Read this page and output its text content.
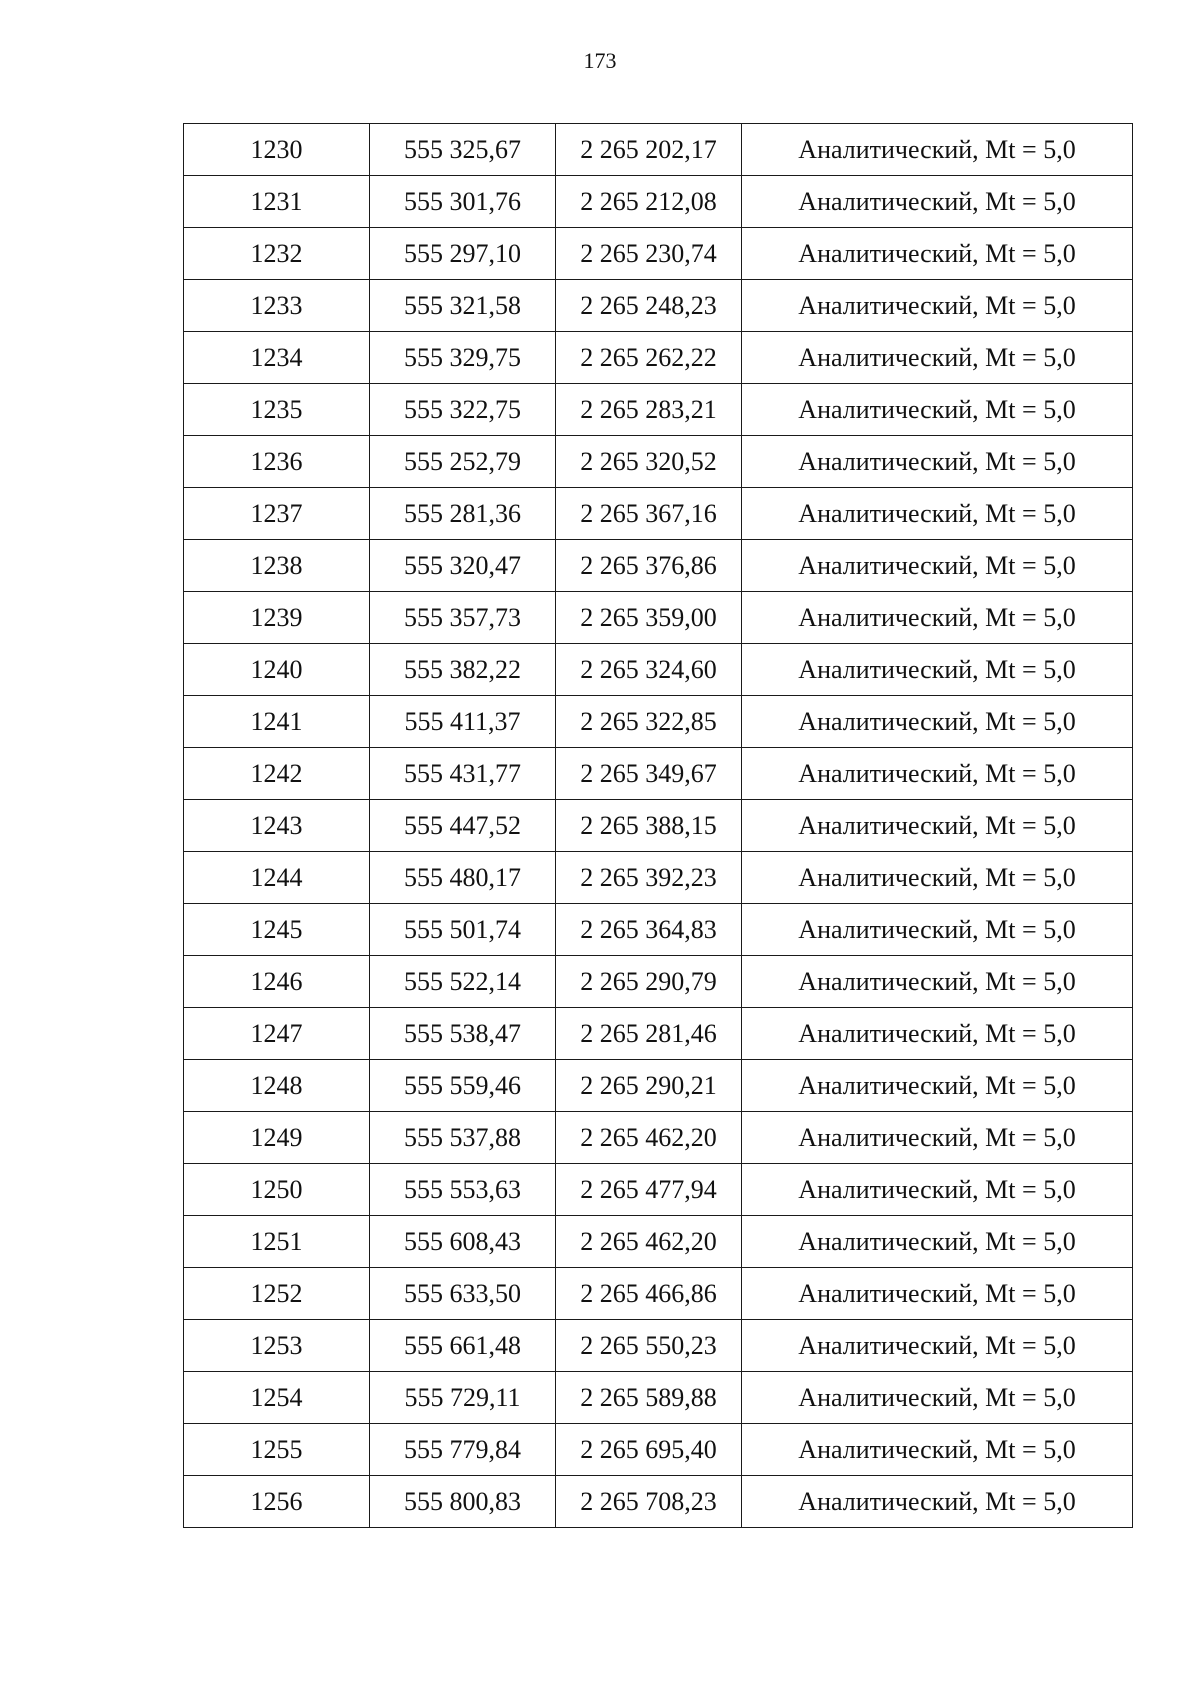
173
1230	555 325,67	2 265 202,17	Аналитический, Mt = 5,0
1231	555 301,76	2 265 212,08	Аналитический, Mt = 5,0
1232	555 297,10	2 265 230,74	Аналитический, Mt = 5,0
1233	555 321,58	2 265 248,23	Аналитический, Mt = 5,0
1234	555 329,75	2 265 262,22	Аналитический, Mt = 5,0
1235	555 322,75	2 265 283,21	Аналитический, Mt = 5,0
1236	555 252,79	2 265 320,52	Аналитический, Mt = 5,0
1237	555 281,36	2 265 367,16	Аналитический, Mt = 5,0
1238	555 320,47	2 265 376,86	Аналитический, Mt = 5,0
1239	555 357,73	2 265 359,00	Аналитический, Mt = 5,0
1240	555 382,22	2 265 324,60	Аналитический, Mt = 5,0
1241	555 411,37	2 265 322,85	Аналитический, Mt = 5,0
1242	555 431,77	2 265 349,67	Аналитический, Mt = 5,0
1243	555 447,52	2 265 388,15	Аналитический, Mt = 5,0
1244	555 480,17	2 265 392,23	Аналитический, Mt = 5,0
1245	555 501,74	2 265 364,83	Аналитический, Mt = 5,0
1246	555 522,14	2 265 290,79	Аналитический, Mt = 5,0
1247	555 538,47	2 265 281,46	Аналитический, Mt = 5,0
1248	555 559,46	2 265 290,21	Аналитический, Mt = 5,0
1249	555 537,88	2 265 462,20	Аналитический, Mt = 5,0
1250	555 553,63	2 265 477,94	Аналитический, Mt = 5,0
1251	555 608,43	2 265 462,20	Аналитический, Mt = 5,0
1252	555 633,50	2 265 466,86	Аналитический, Mt = 5,0
1253	555 661,48	2 265 550,23	Аналитический, Mt = 5,0
1254	555 729,11	2 265 589,88	Аналитический, Mt = 5,0
1255	555 779,84	2 265 695,40	Аналитический, Mt = 5,0
1256	555 800,83	2 265 708,23	Аналитический, Mt = 5,0
